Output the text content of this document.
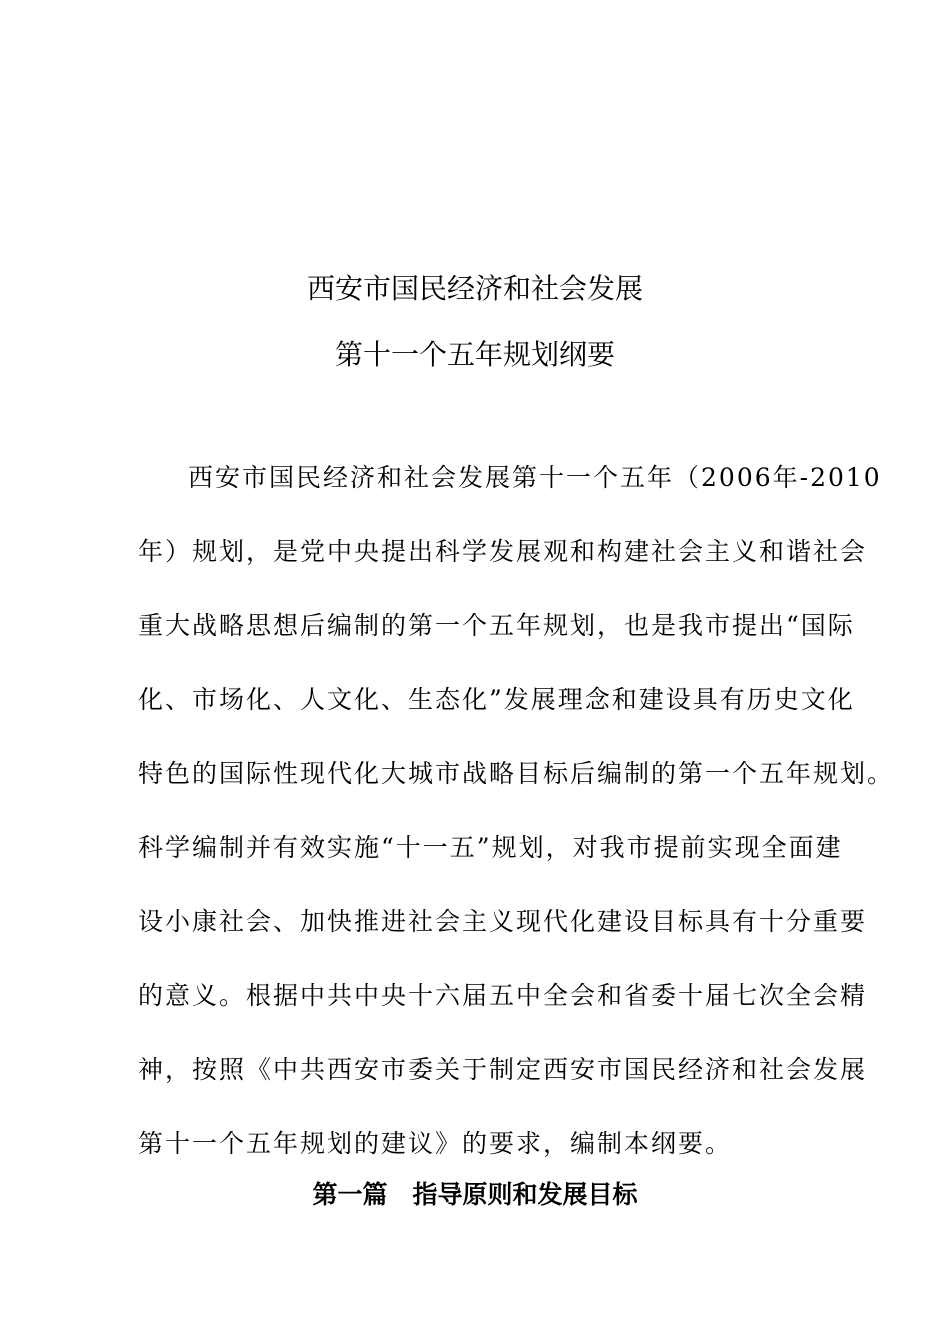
西安市国民经济和社会发展
第十一个五年规划纲要
西安市国民经济和社会发展第十一个五年（2006年-2010
年）规划，是党中央提出科学发展观和构建社会主义和谐社会
重大战略思想后编制的第一个五年规划，也是我市提出“国际
化、市场化、人文化、生态化”发展理念和建设具有历史文化
特色的国际性现代化大城市战略目标后编制的第一个五年规划。
科学编制并有效实施“十一五”规划，对我市提前实现全面建
设小康社会、加快推进社会主义现代化建设目标具有十分重要
的意义。根据中共中央十六届五中全会和省委十届七次全会精
神，按照《中共西安市委关于制定西安市国民经济和社会发展
第十一个五年规划的建议》的要求，编制本纲要。
第一篇　指导原则和发展目标
